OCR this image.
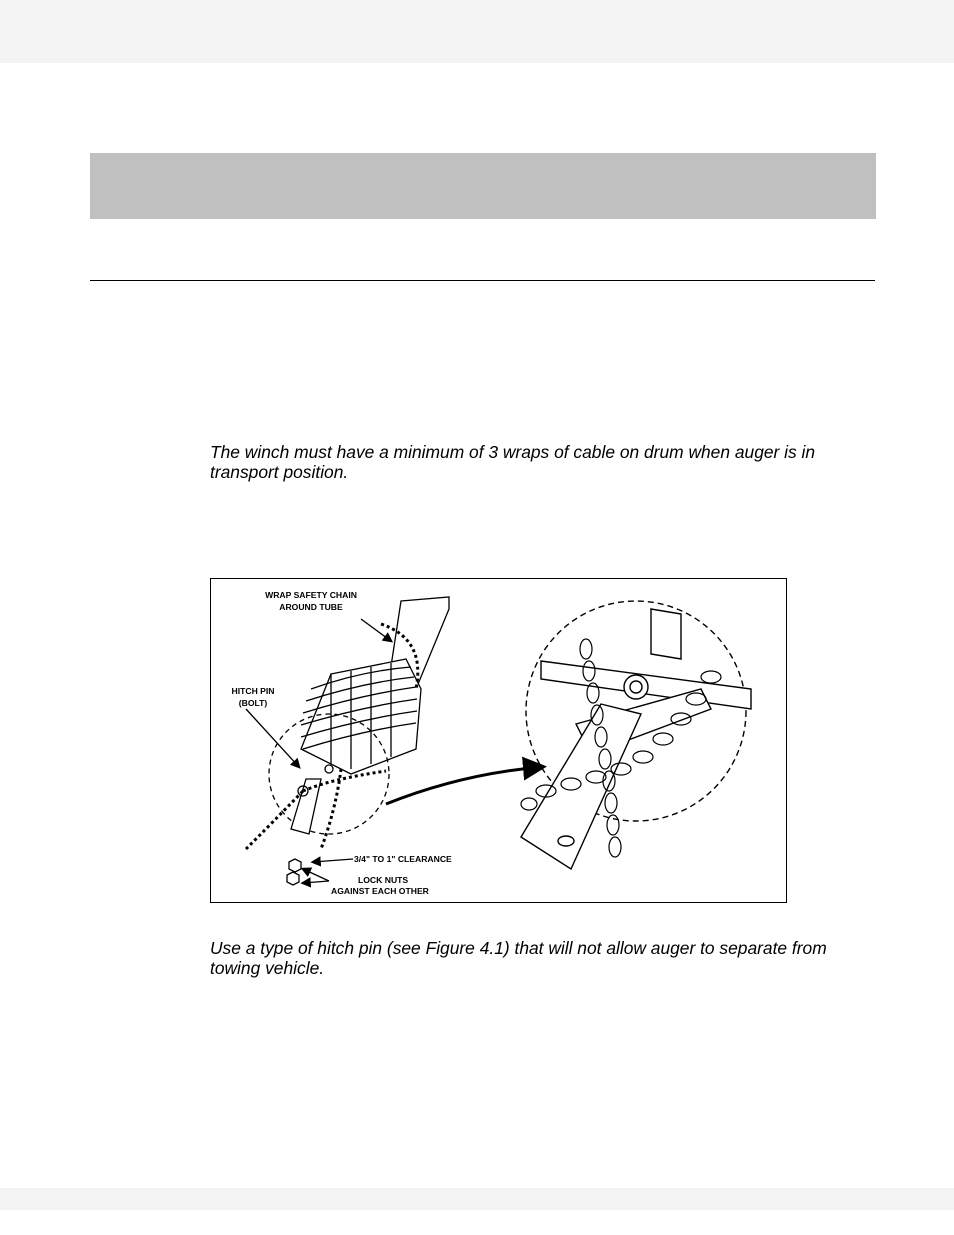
The winch must have a minimum of 3 wraps of cable on drum when auger is in transport position.

WRAP SAFETY CHAIN
AROUND TUBE
HITCH PIN
(BOLT)
3/4" TO 1" CLEARANCE
LOCK NUTS
AGAINST EACH OTHER

Use a type of hitch pin (see Figure 4.1) that will not allow auger to separate from towing vehicle.
